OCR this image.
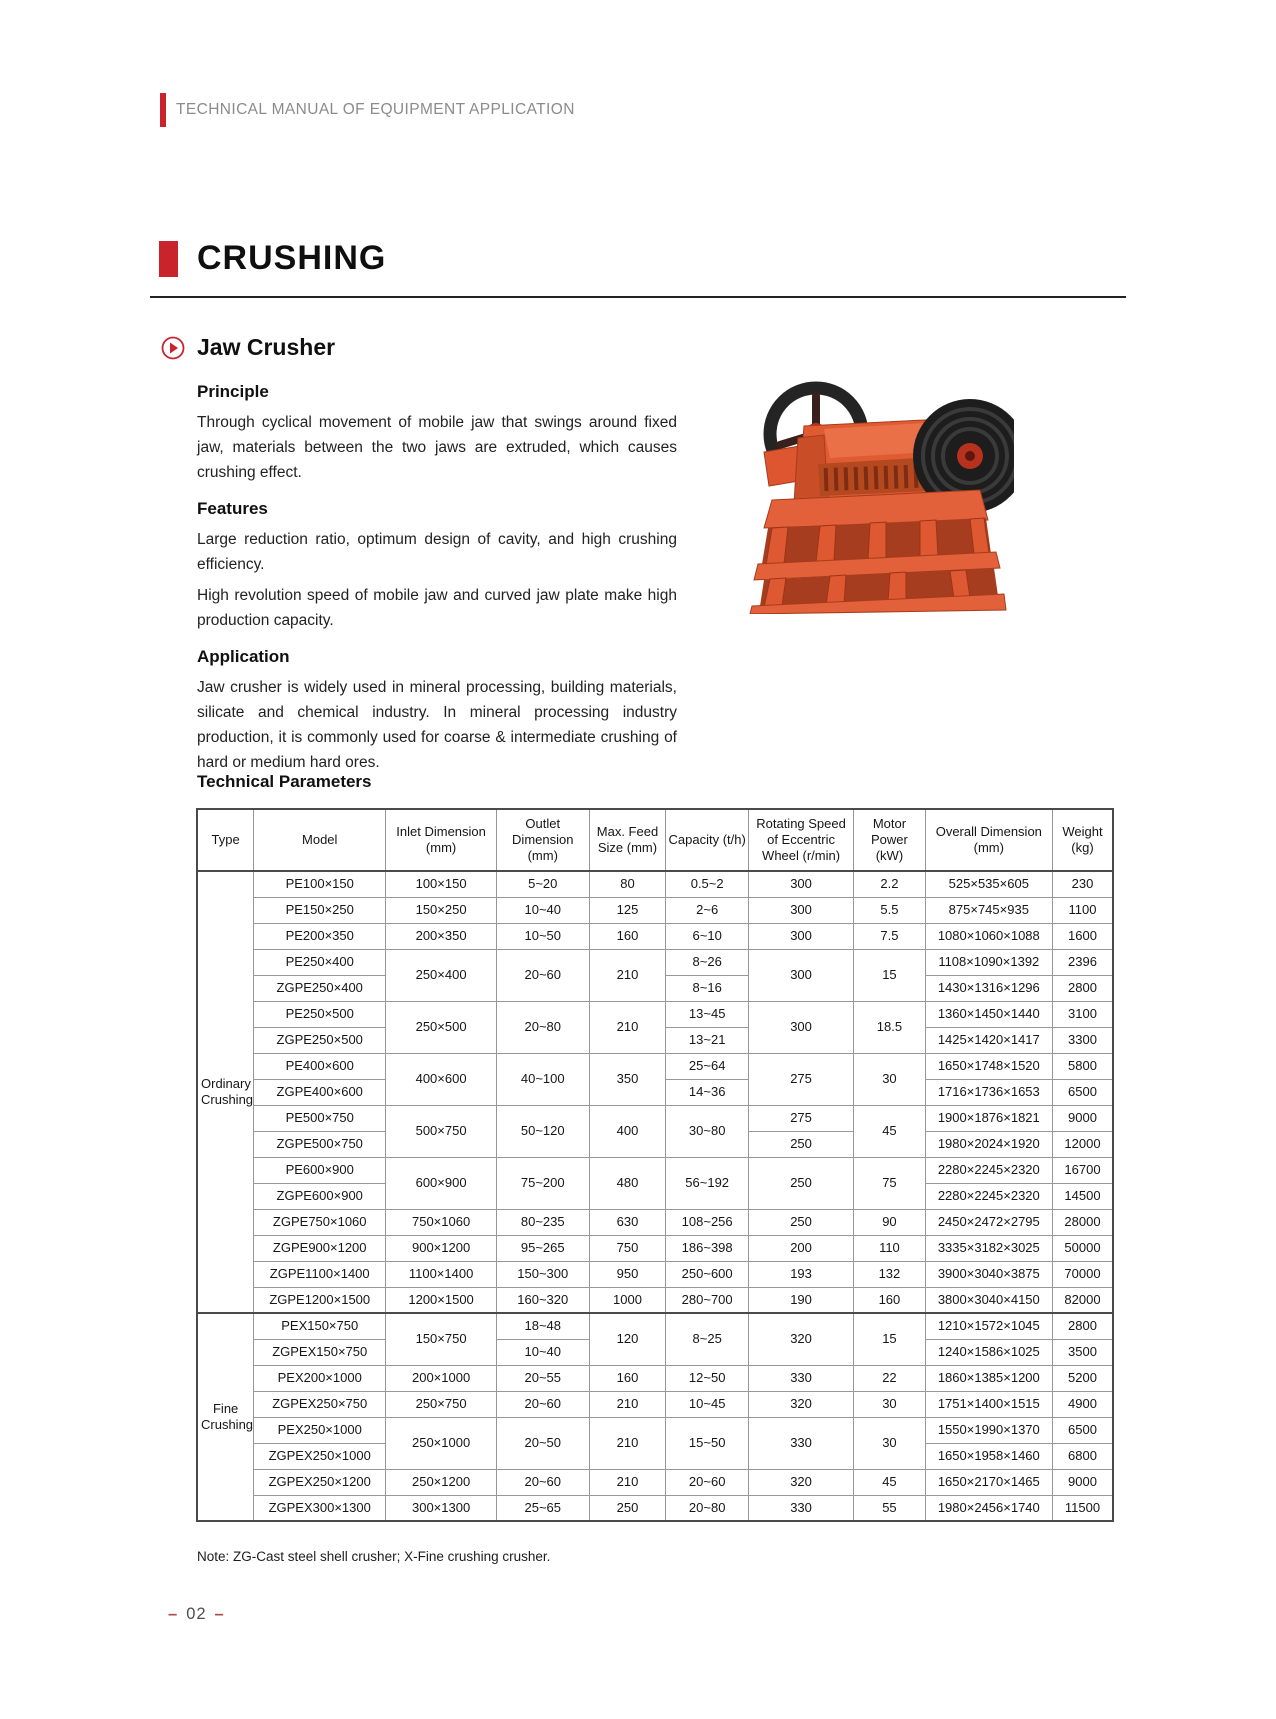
TECHNICAL MANUAL OF EQUIPMENT APPLICATION
CRUSHING
Jaw Crusher
Principle

Through cyclical movement of mobile jaw that swings around fixed jaw, materials between the two jaws are extruded, which causes crushing effect.

Features

Large reduction ratio, optimum design of cavity, and high crushing efficiency.

High revolution speed of mobile jaw and curved jaw plate make high production capacity.

Application

Jaw crusher is widely used in mineral processing, building materials, silicate and chemical industry. In mineral processing industry production, it is commonly used for coarse & intermediate crushing of hard or medium hard ores.

Technical Parameters
Type	Model	Inlet Dimension (mm)	Outlet Dimension (mm)	Max. Feed Size (mm)	Capacity (t/h)	Rotating Speed of Eccentric Wheel (r/min)	Motor Power (kW)	Overall Dimension (mm)	Weight (kg)
Ordinary Crushing	PE100×150	100×150	5~20	80	0.5~2	300	2.2	525×535×605	230
	PE150×250	150×250	10~40	125	2~6	300	5.5	875×745×935	1100
	PE200×350	200×350	10~50	160	6~10	300	7.5	1080×1060×1088	1600
	PE250×400	250×400	20~60	210	8~26	300	15	1108×1090×1392	2396
	ZGPE250×400				8~16			1430×1316×1296	2800
	PE250×500	250×500	20~80	210	13~45	300	18.5	1360×1450×1440	3100
	ZGPE250×500				13~21			1425×1420×1417	3300
	PE400×600	400×600	40~100	350	25~64	275	30	1650×1748×1520	5800
	ZGPE400×600				14~36			1716×1736×1653	6500
	PE500×750	500×750	50~120	400	30~80	275	45	1900×1876×1821	9000
	ZGPE500×750					250		1980×2024×1920	12000
	PE600×900	600×900	75~200	480	56~192	250	75	2280×2245×2320	16700
	ZGPE600×900							2280×2245×2320	14500
	ZGPE750×1060	750×1060	80~235	630	108~256	250	90	2450×2472×2795	28000
	ZGPE900×1200	900×1200	95~265	750	186~398	200	110	3335×3182×3025	50000
	ZGPE1100×1400	1100×1400	150~300	950	250~600	193	132	3900×3040×3875	70000
	ZGPE1200×1500	1200×1500	160~320	1000	280~700	190	160	3800×3040×4150	82000
Fine Crushing	PEX150×750	150×750	18~48	120	8~25	320	15	1210×1572×1045	2800
	ZGPEX150×750		10~40					1240×1586×1025	3500
	PEX200×1000	200×1000	20~55	160	12~50	330	22	1860×1385×1200	5200
	ZGPEX250×750	250×750	20~60	210	10~45	320	30	1751×1400×1515	4900
	PEX250×1000	250×1000	20~50	210	15~50	330	30	1550×1990×1370	6500
	ZGPEX250×1000							1650×1958×1460	6800
	ZGPEX250×1200	250×1200	20~60	210	20~60	320	45	1650×2170×1465	9000
	ZGPEX300×1300	300×1300	25~65	250	20~80	330	55	1980×2456×1740	11500
Note: ZG-Cast steel shell crusher; X-Fine crushing crusher.
– 02 –
